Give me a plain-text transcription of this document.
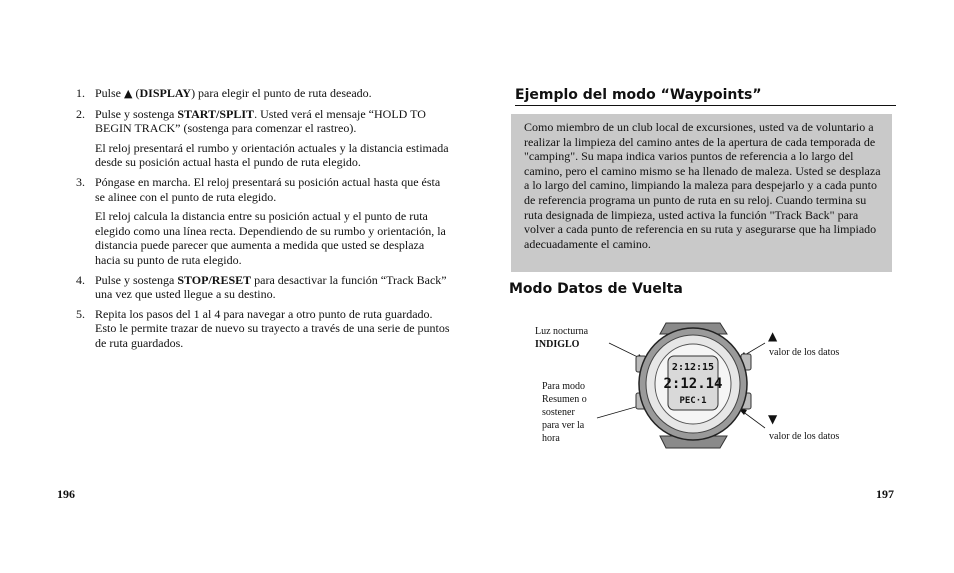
1. Pulse ▲ (DISPLAY) para elegir el punto de ruta deseado.

2. Pulse y sostenga START/SPLIT. Usted verá el mensaje “HOLD TO BEGIN TRACK” (sostenga para comenzar el rastreo).

El reloj presentará el rumbo y orientación actuales y la distancia estimada desde su posición actual hasta el pundo de ruta elegido.

3. Póngase en marcha. El reloj presentará su posición actual hasta que ésta se alinee con el punto de ruta elegido.

El reloj calcula la distancia entre su posición actual y el punto de ruta elegido como una línea recta. Dependiendo de su rumbo y orientación, la distancia puede parecer que aumenta a medida que usted se desplaza hacia su punto de ruta elegido.

4. Pulse y sostenga STOP/RESET para desactivar la función “Track Back” una vez que usted llegue a su destino.

5. Repita los pasos del 1 al 4 para navegar a otro punto de ruta guardado. Esto le permite trazar de nuevo su trayecto a través de una serie de puntos de ruta guardados.

Ejemplo del modo “Waypoints”
Como miembro de un club local de excursiones, usted va de voluntario a realizar la limpieza del camino antes de la apertura de cada temporada de "camping". Su mapa indica varios puntos de referencia a lo largo del camino, pero el camino mismo se ha llenado de maleza. Usted se desplaza a lo largo del camino, limpiando la maleza para despejarlo y a cada punto de referencia programa un punto de ruta en su reloj. Cuando termina su ruta designada de limpieza, usted activa la función "Track Back" para volver a cada punto de referencia en su ruta y asegurarse que ha limpiado adecuadamente el camino.
Modo Datos de Vuelta
Luz nocturna
INDIGLO
Para modo
Resumen o
sostener
para ver la
hora
▲
valor de los datos
▼
valor de los datos
2:12:15
2:12.14
PEC·1
196	197
